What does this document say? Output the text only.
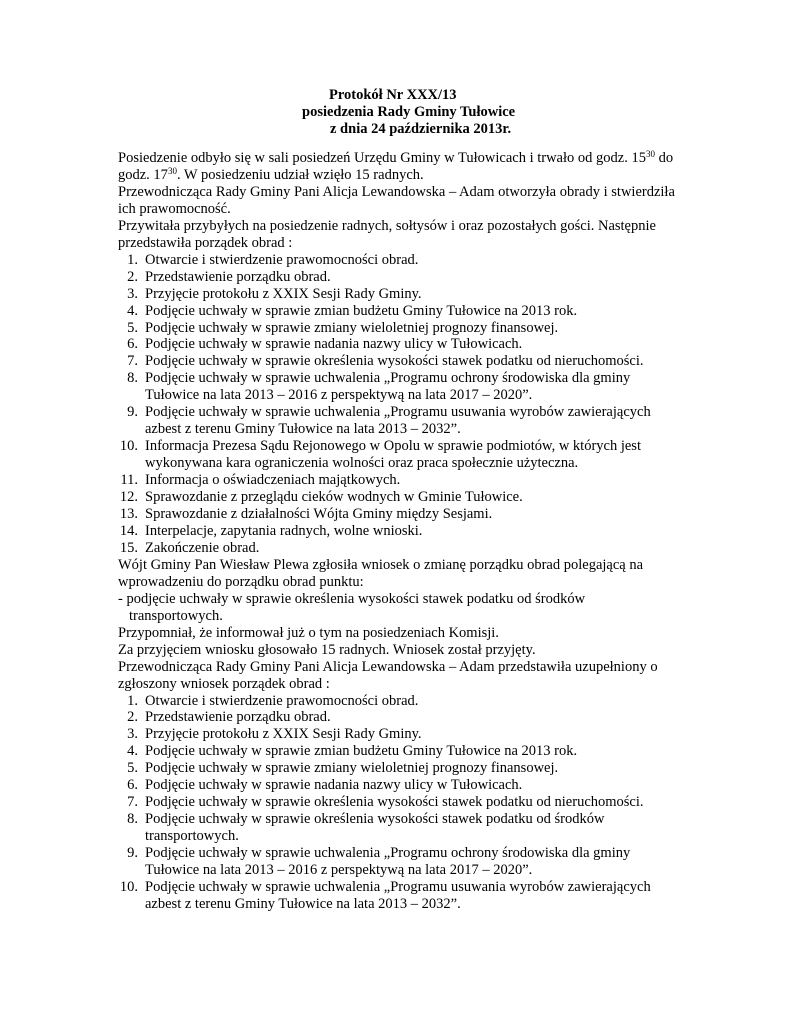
Protokół Nr XXX/13
posiedzenia Rady Gminy Tułowice
z dnia 24 października 2013r.

Posiedzenie odbyło się w sali posiedzeń Urzędu Gminy w Tułowicach i trwało od godz. $15^{30}$ do godz. $17^{30}$. W posiedzeniu udział wzięło 15 radnych.

Przewodnicząca Rady Gminy Pani Alicja Lewandowska – Adam otworzyła obrady i stwierdziła ich prawomocność.

Przywitała przybyłych na posiedzenie radnych, sołtysów i oraz pozostałych gości. Następnie przedstawiła porządek obrad :

1. Otwarcie i stwierdzenie prawomocności obrad.
2. Przedstawienie porządku obrad.
3. Przyjęcie protokołu z XXIX Sesji Rady Gminy.
4. Podjęcie uchwały w sprawie zmian budżetu Gminy Tułowice na 2013 rok.
5. Podjęcie uchwały w sprawie zmiany wieloletniej prognozy finansowej.
6. Podjęcie uchwały w sprawie nadania nazwy ulicy w Tułowicach.
7. Podjęcie uchwały w sprawie określenia wysokości stawek podatku od nieruchomości.
8. Podjęcie uchwały w sprawie uchwalenia „Programu ochrony środowiska dla gminy Tułowice na lata 2013 – 2016 z perspektywą na lata 2017 – 2020”.
9. Podjęcie uchwały w sprawie uchwalenia „Programu usuwania wyrobów zawierających azbest z terenu Gminy Tułowice na lata 2013 – 2032”.
10. Informacja Prezesa Sądu Rejonowego w Opolu w sprawie podmiotów, w których jest wykonywana kara ograniczenia wolności oraz praca społecznie użyteczna.
11. Informacja o oświadczeniach majątkowych.
12. Sprawozdanie z przeglądu cieków wodnych w Gminie Tułowice.
13. Sprawozdanie z działalności Wójta Gminy między Sesjami.
14. Interpelacje, zapytania radnych, wolne wnioski.
15. Zakończenie obrad.

Wójt Gminy Pan Wiesław Plewa zgłosiła wniosek o zmianę porządku obrad polegającą na wprowadzeniu do porządku obrad punktu:

- podjęcie uchwały w sprawie określenia wysokości stawek podatku od środków transportowych.

Przypomniał, że informował już o tym na posiedzeniach Komisji.

Za przyjęciem wniosku głosowało 15 radnych. Wniosek został przyjęty.

Przewodnicząca Rady Gminy Pani Alicja Lewandowska – Adam przedstawiła uzupełniony o zgłoszony wniosek porządek obrad :

1. Otwarcie i stwierdzenie prawomocności obrad.
2. Przedstawienie porządku obrad.
3. Przyjęcie protokołu z XXIX Sesji Rady Gminy.
4. Podjęcie uchwały w sprawie zmian budżetu Gminy Tułowice na 2013 rok.
5. Podjęcie uchwały w sprawie zmiany wieloletniej prognozy finansowej.
6. Podjęcie uchwały w sprawie nadania nazwy ulicy w Tułowicach.
7. Podjęcie uchwały w sprawie określenia wysokości stawek podatku od nieruchomości.
8. Podjęcie uchwały w sprawie określenia wysokości stawek podatku od środków transportowych.
9. Podjęcie uchwały w sprawie uchwalenia „Programu ochrony środowiska dla gminy Tułowice na lata 2013 – 2016 z perspektywą na lata 2017 – 2020”.
10. Podjęcie uchwały w sprawie uchwalenia „Programu usuwania wyrobów zawierających azbest z terenu Gminy Tułowice na lata 2013 – 2032”.
